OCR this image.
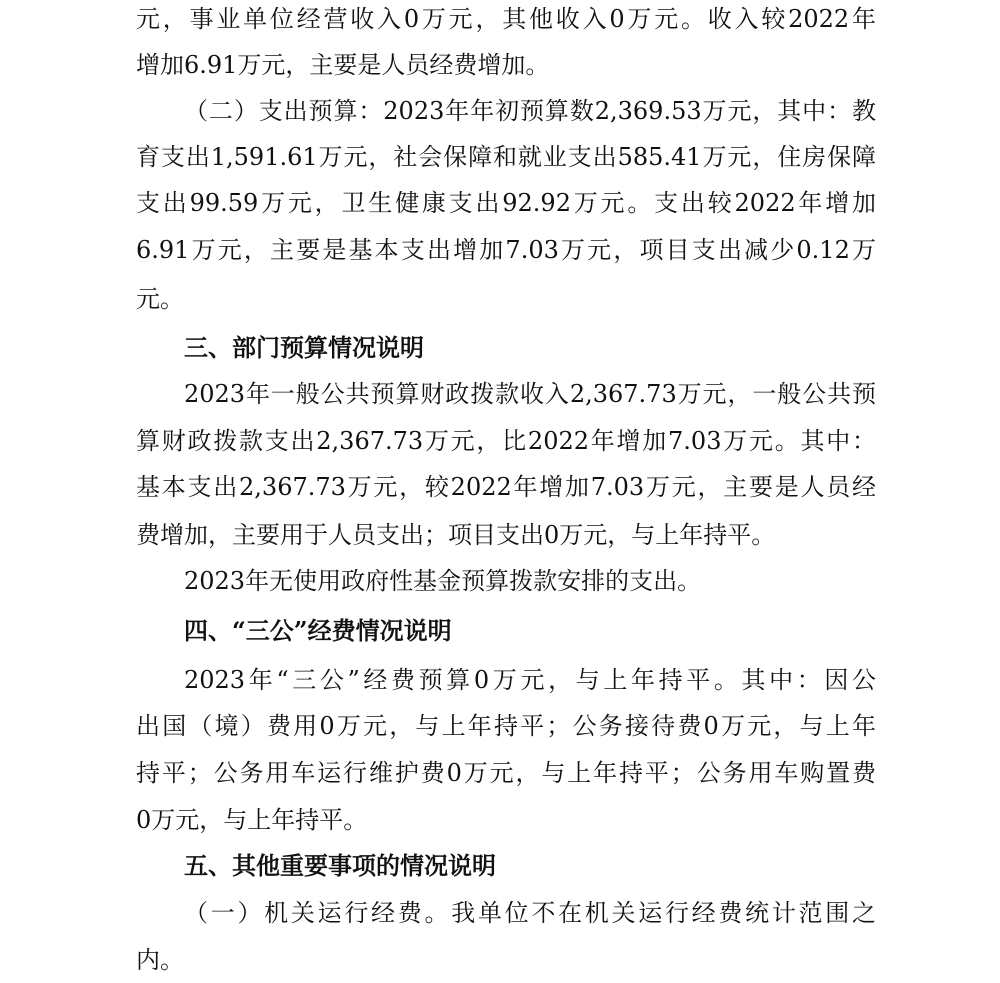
元，事业单位经营收入0万元，其他收入0万元。收入较2022年
增加6.91万元，主要是人员经费增加。
（二）支出预算：2023年年初预算数2,369.53万元，其中：教
育支出1,591.61万元，社会保障和就业支出585.41万元，住房保障
支出99.59万元，卫生健康支出92.92万元。支出较2022年增加
6.91万元，主要是基本支出增加7.03万元，项目支出减少0.12万
元。
三、部门预算情况说明
2023年一般公共预算财政拨款收入2,367.73万元，一般公共预
算财政拨款支出2,367.73万元，比2022年增加7.03万元。其中：
基本支出2,367.73万元，较2022年增加7.03万元，主要是人员经
费增加，主要用于人员支出；项目支出0万元，与上年持平。
2023年无使用政府性基金预算拨款安排的支出。
四、“三公”经费情况说明
2023年“三公”经费预算0万元，与上年持平。其中：因公
出国（境）费用0万元，与上年持平；公务接待费0万元，与上年
持平；公务用车运行维护费0万元，与上年持平；公务用车购置费
0万元，与上年持平。
五、其他重要事项的情况说明
（一）机关运行经费。我单位不在机关运行经费统计范围之
内。
